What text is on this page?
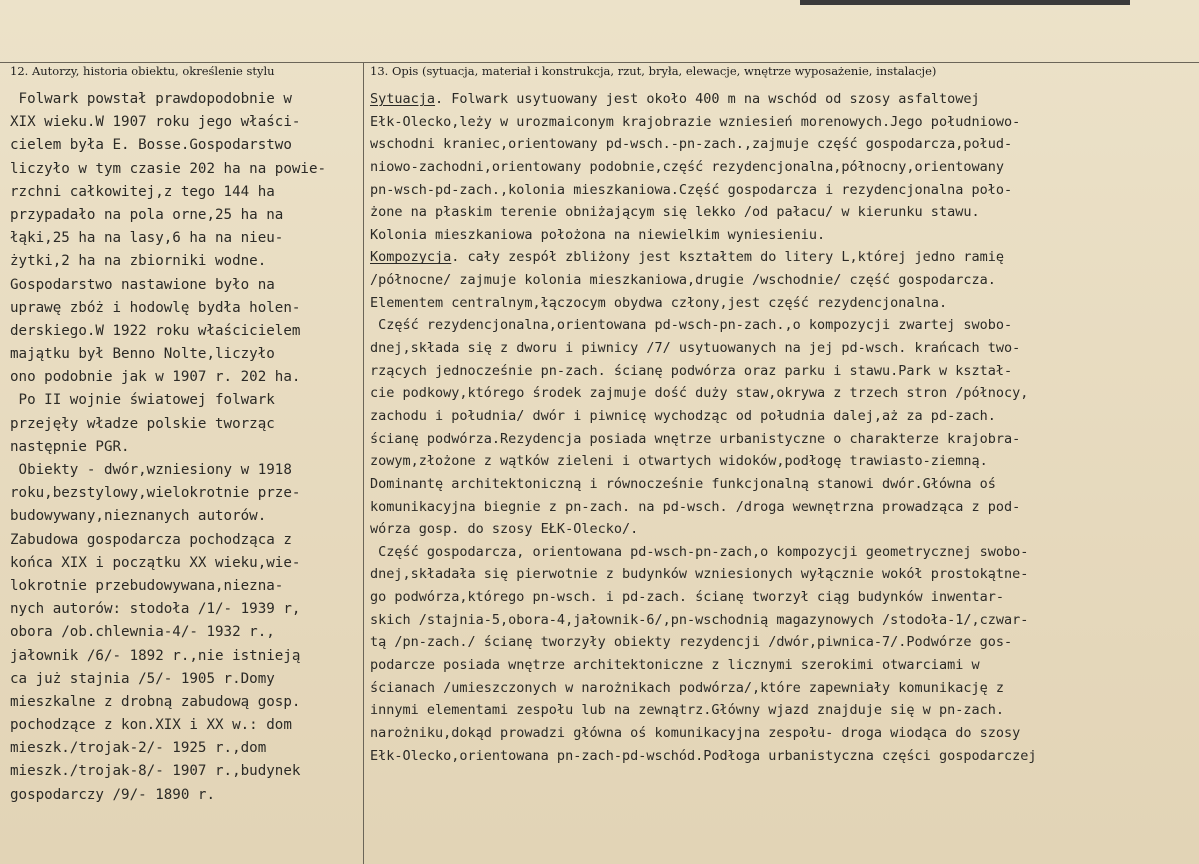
12. Autorzy, historia obiektu, określenie stylu	13. Opis (sytuacja, materiał i konstrukcja, rzut, bryła, elewacje, wnętrze wyposażenie, instalacje)
Folwark powstał prawdopodobnie w
XIX wieku.W 1907 roku jego właści-
cielem była E. Bosse.Gospodarstwo
liczyło w tym czasie 202 ha na powie-
rzchni całkowitej,z tego 144 ha
przypadało na pola orne,25 ha na
łąki,25 ha na lasy,6 ha na nieu-
żytki,2 ha na zbiorniki wodne.
Gospodarstwo nastawione było na
uprawę zbóż i hodowlę bydła holen-
derskiego.W 1922 roku właścicielem
majątku był Benno Nolte,liczyło
ono podobnie jak w 1907 r. 202 ha.
Po II wojnie światowej folwark
przejęły władze polskie tworząc
następnie PGR.
Obiekty - dwór,wzniesiony w 1918
roku,bezstylowy,wielokrotnie prze-
budowywany,nieznanych autorów.
Zabudowa gospodarcza pochodząca z
końca XIX i początku XX wieku,wie-
lokrotnie przebudowywana,niezna-
nych autorów: stodoła /1/- 1939 r,
obora /ob.chlewnia-4/- 1932 r.,
jałownik /6/- 1892 r.,nie istnieją
ca już stajnia /5/- 1905 r.Domy
mieszkalne z drobną zabudową gosp.
pochodzące z kon.XIX i XX w.: dom
mieszk./trojak-2/- 1925 r.,dom
mieszk./trojak-8/- 1907 r.,budynek
gospodarczy /9/- 1890 r.
Sytuacja. Folwark usytuowany jest około 400 m na wschód od szosy asfaltowej
Ełk-Olecko,leży w urozmaiconym krajobrazie wzniesień morenowych.Jego południowo-
wschodni kraniec,orientowany pd-wsch.-pn-zach.,zajmuje część gospodarcza,połud-
niowo-zachodni,orientowany podobnie,część rezydencjonalna,północny,orientowany
pn-wsch-pd-zach.,kolonia mieszkaniowa.Część gospodarcza i rezydencjonalna poło-
żone na płaskim terenie obniżającym się lekko /od pałacu/ w kierunku stawu.
Kolonia mieszkaniowa położona na niewielkim wyniesieniu.
Kompozycja. cały zespół zbliżony jest kształtem do litery L,której jedno ramię
/północne/ zajmuje kolonia mieszkaniowa,drugie /wschodnie/ część gospodarcza.
Elementem centralnym,łączocym obydwa człony,jest część rezydencjonalna.
Część rezydencjonalna,orientowana pd-wsch-pn-zach.,o kompozycji zwartej swobo-
dnej,składa się z dworu i piwnicy /7/ usytuowanych na jej pd-wsch. krańcach two-
rzących jednocześnie pn-zach. ścianę podwórza oraz parku i stawu.Park w kształ-
cie podkowy,którego środek zajmuje dość duży staw,okrywa z trzech stron /północy,
zachodu i południa/ dwór i piwnicę wychodząc od południa dalej,aż za pd-zach.
ścianę podwórza.Rezydencja posiada wnętrze urbanistyczne o charakterze krajobra-
zowym,złożone z wątków zieleni i otwartych widoków,podłogę trawiasto-ziemną.
Dominantę architektoniczną i równocześnie funkcjonalną stanowi dwór.Główna oś
komunikacyjna biegnie z pn-zach. na pd-wsch. /droga wewnętrzna prowadząca z pod-
wórza gosp. do szosy EŁK-Olecko/.
Część gospodarcza, orientowana pd-wsch-pn-zach,o kompozycji geometrycznej swobo-
dnej,składała się pierwotnie z budynków wzniesionych wyłącznie wokół prostokątne-
go podwórza,którego pn-wsch. i pd-zach. ścianę tworzył ciąg budynków inwentar-
skich /stajnia-5,obora-4,jałownik-6/,pn-wschodnią magazynowych /stodoła-1/,czwar-
tą /pn-zach./ ścianę tworzyły obiekty rezydencji /dwór,piwnica-7/.Podwórze gos-
podarcze posiada wnętrze architektoniczne z licznymi szerokimi otwarciami w
ścianach /umieszczonych w narożnikach podwórza/,które zapewniały komunikację z
innymi elementami zespołu lub na zewnątrz.Główny wjazd znajduje się w pn-zach.
narożniku,dokąd prowadzi główna oś komunikacyjna zespołu- droga wiodąca do szosy
Ełk-Olecko,orientowana pn-zach-pd-wschód.Podłoga urbanistyczna części gospodarczej
